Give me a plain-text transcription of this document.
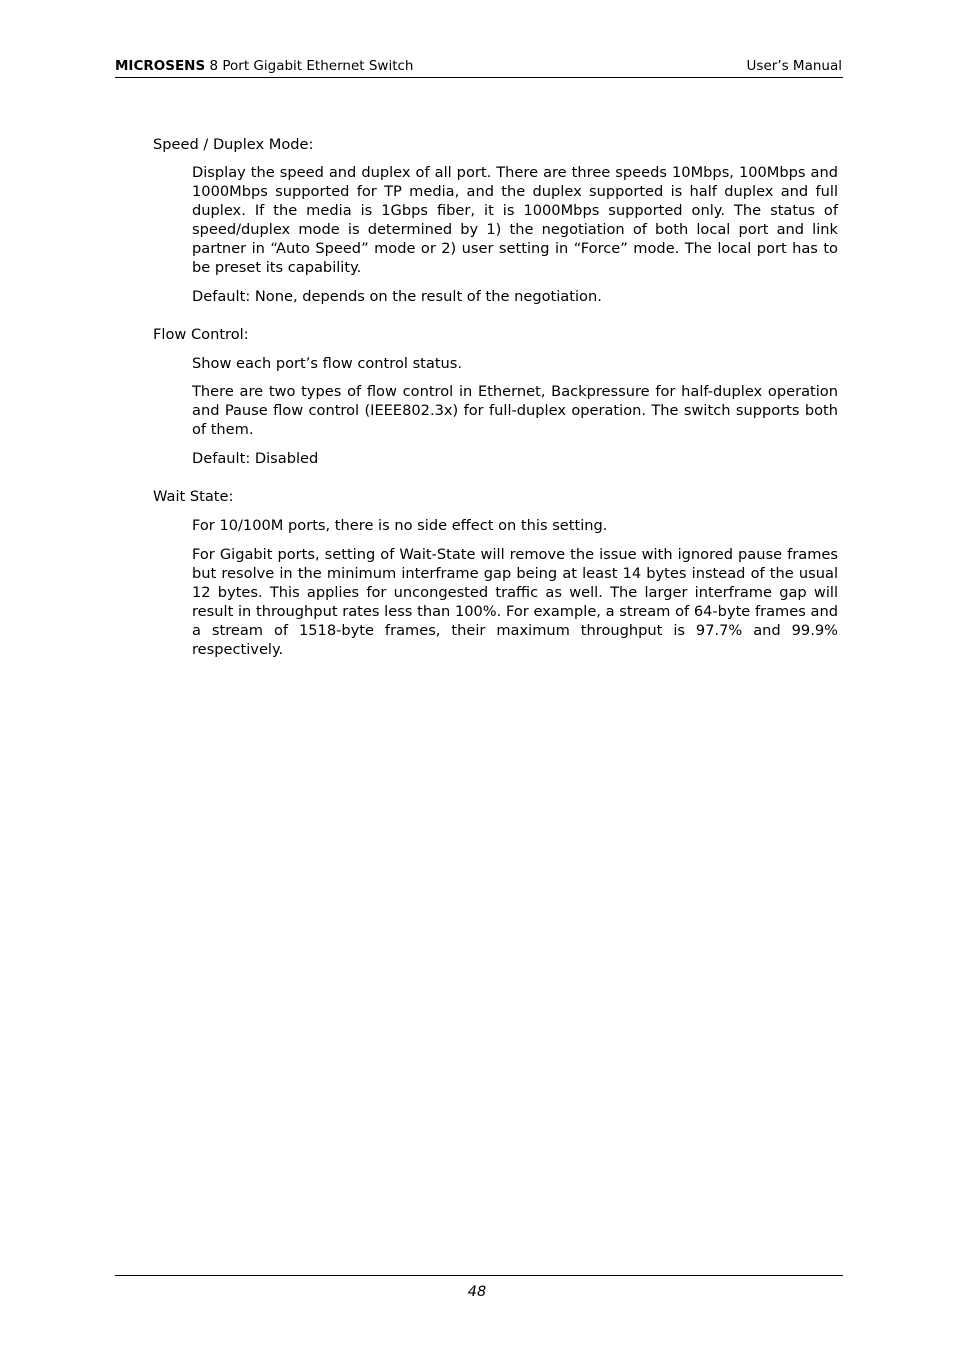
MICROSENS 8 Port Gigabit Ethernet Switch	User’s Manual
Speed / Duplex Mode:
Display the speed and duplex of all port. There are three speeds 10Mbps, 100Mbps and 1000Mbps supported for TP media, and the duplex supported is half duplex and full duplex. If the media is 1Gbps fiber, it is 1000Mbps supported only. The status of speed/duplex mode is determined by 1) the negotiation of both local port and link partner in “Auto Speed” mode or 2) user setting in “Force” mode. The local port has to be preset its capability.
Default: None, depends on the result of the negotiation.
Flow Control:
Show each port’s flow control status.
There are two types of flow control in Ethernet, Backpressure for half-duplex operation and Pause flow control (IEEE802.3x) for full-duplex operation. The switch supports both of them.
Default: Disabled
Wait State:
For 10/100M ports, there is no side effect on this setting.
For Gigabit ports, setting of Wait-State will remove the issue with ignored pause frames but resolve in the minimum interframe gap being at least 14 bytes instead of the usual 12 bytes. This applies for uncongested traffic as well. The larger interframe gap will result in throughput rates less than 100%. For example, a stream of 64-byte frames and a stream of 1518-byte frames, their maximum throughput is 97.7% and 99.9% respectively.
48
